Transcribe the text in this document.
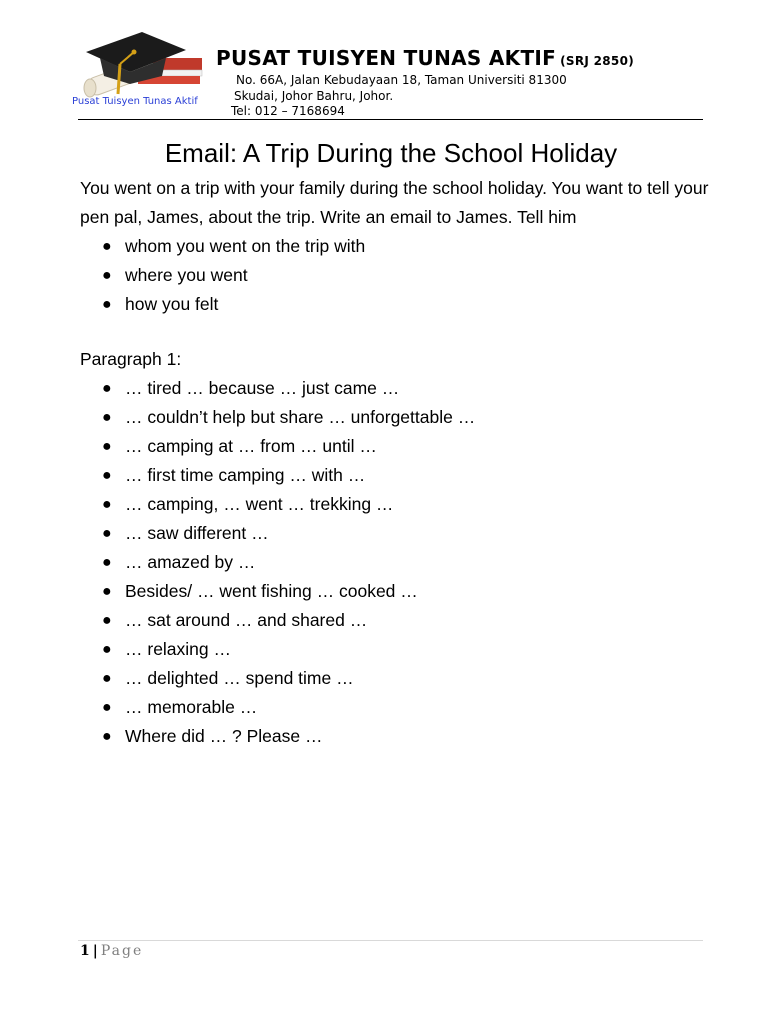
Pusat Tuisyen Tunas Aktif
PUSAT TUISYEN TUNAS AKTIF (SRJ 2850)
No. 66A, Jalan Kebudayaan 18, Taman Universiti 81300
Skudai, Johor Bahru, Johor.
Tel: 012 – 7168694
Email: A Trip During the School Holiday

You went on a trip with your family during the school holiday. You want to tell your pen pal, James, about the trip. Write an email to James. Tell him

● whom you went on the trip with
● where you went
● how you felt

Paragraph 1:

● … tired … because … just came …
● … couldn’t help but share … unforgettable …
● … camping at … from … until …
● … first time camping … with …
● … camping, … went … trekking …
● … saw different …
● … amazed by …
● Besides/ … went fishing … cooked …
● … sat around … and shared …
● … relaxing …
● … delighted … spend time …
● … memorable …
● Where did … ? Please …
1 | Page
